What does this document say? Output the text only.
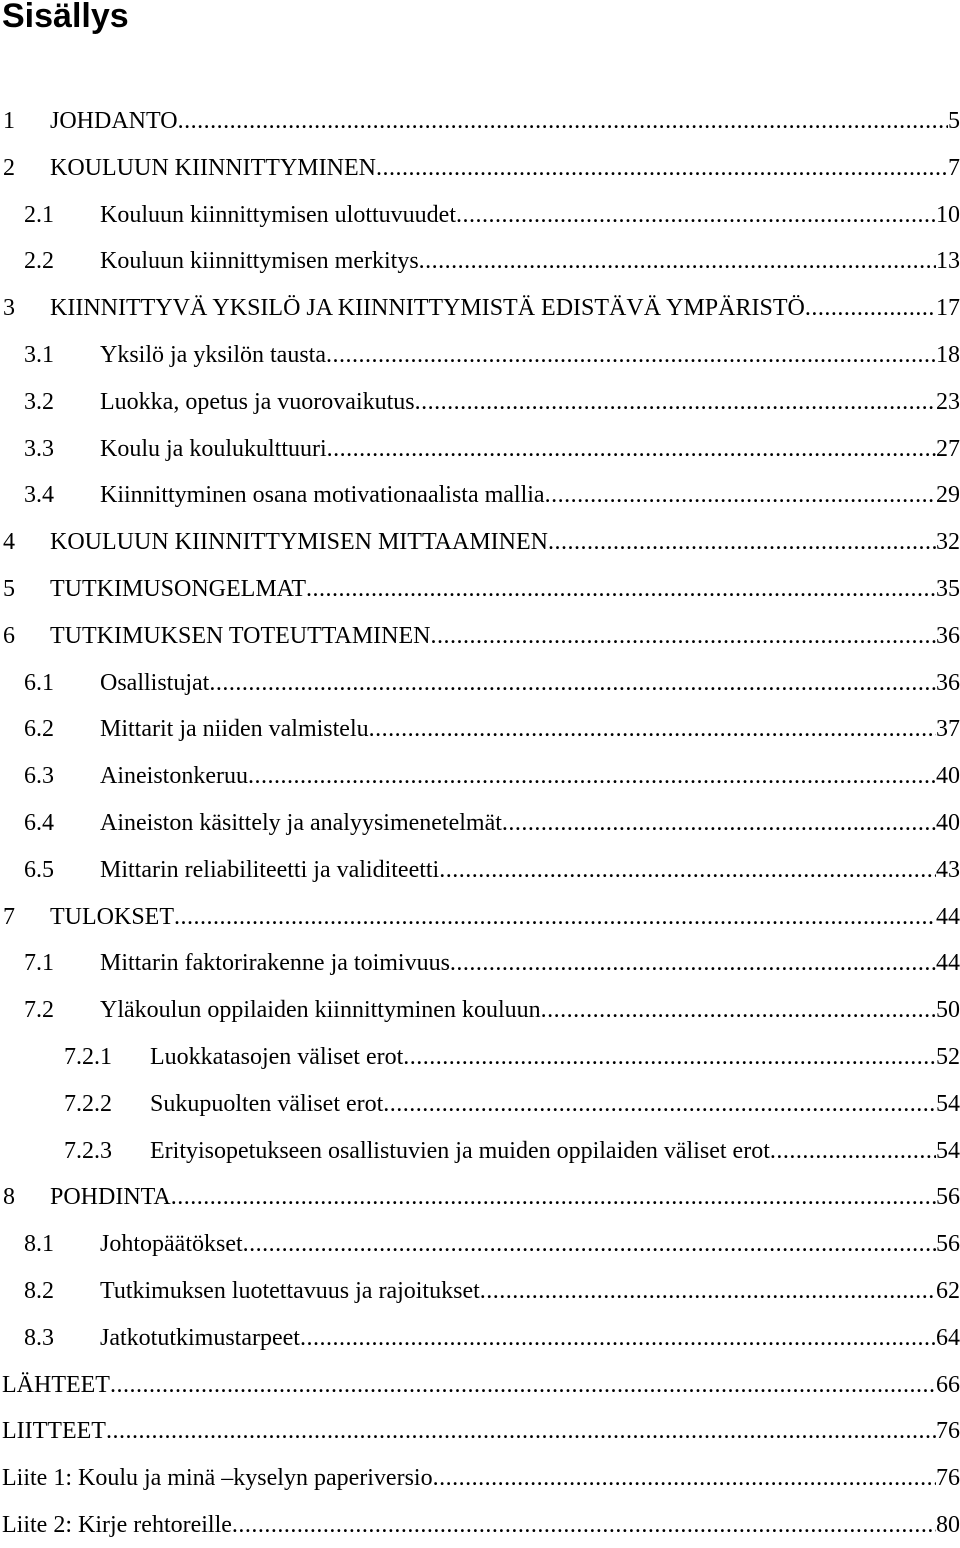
Sisällys
1 JOHDANTO .....	5
2 KOULUUN KIINNITTYMINEN .....	7
2.1 Kouluun kiinnittymisen ulottuvuudet .....	10
2.2 Kouluun kiinnittymisen merkitys .....	13
3 KIINNITTYVÄ YKSILÖ JA KIINNITTYMISTÄ EDISTÄVÄ YMPÄRISTÖ .....	17
3.1 Yksilö ja yksilön tausta .....	18
3.2 Luokka, opetus ja vuorovaikutus .....	23
3.3 Koulu ja koulukulttuuri .....	27
3.4 Kiinnittyminen osana motivationaalista mallia .....	29
4 KOULUUN KIINNITTYMISEN MITTAAMINEN .....	32
5 TUTKIMUSONGELMAT .....	35
6 TUTKIMUKSEN TOTEUTTAMINEN .....	36
6.1 Osallistujat .....	36
6.2 Mittarit ja niiden valmistelu .....	37
6.3 Aineistonkeruu .....	40
6.4 Aineiston käsittely ja analyysimenetelmät .....	40
6.5 Mittarin reliabiliteetti ja validiteetti .....	43
7 TULOKSET .....	44
7.1 Mittarin faktorirakenne ja toimivuus .....	44
7.2 Yläkoulun oppilaiden kiinnittyminen kouluun .....	50
7.2.1 Luokkatasojen väliset erot .....	52
7.2.2 Sukupuolten väliset erot .....	54
7.2.3 Erityisopetukseen osallistuvien ja muiden oppilaiden väliset erot .....	54
8 POHDINTA .....	56
8.1 Johtopäätökset .....	56
8.2 Tutkimuksen luotettavuus ja rajoitukset .....	62
8.3 Jatkotutkimustarpeet .....	64
LÄHTEET .....	66
LIITTEET .....	76
Liite 1: Koulu ja minä –kyselyn paperiversio .....	76
Liite 2: Kirje rehtoreille .....	80
